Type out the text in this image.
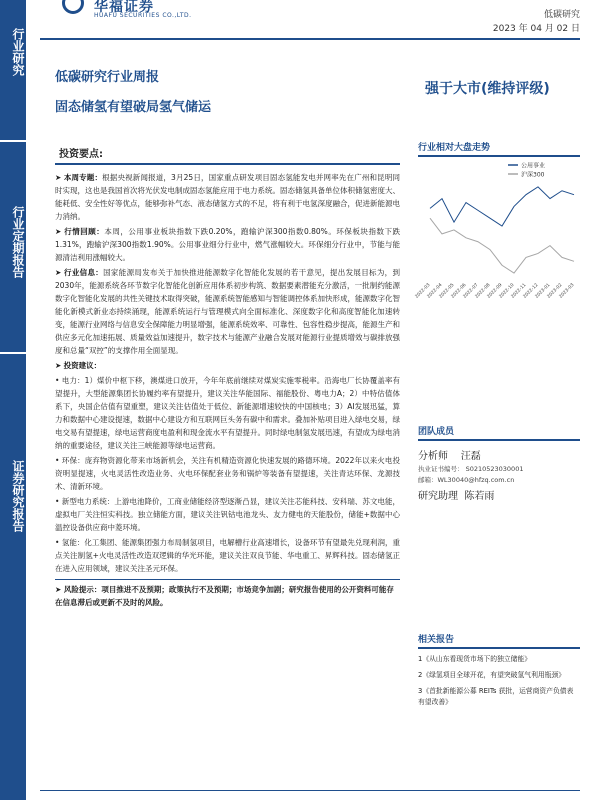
行业研究
行业定期报告
证券研究报告
华福证券
HUAFU SECURITIES CO.,LTD.	低碳研究
2023 年 04 月 02 日
低碳研究行业周报
固态储氢有望破局氢气储运
强于大市(维持评级)
投资要点:

➤ 本周专题：根据央视新闻报道，3月25日，国家重点研发项目固态氢能发电并网率先在广州和昆明同时实现，这也是我国首次将光伏发电制成固态氢能应用于电力系统。固态储氢具备单位体积储氢密度大、能耗低、安全性好等优点，能够弥补气态、液态储氢方式的不足，将有利于电氢深度融合，促进新能源电力消纳。

➤ 行情回顾：本周，公用事业板块指数下跌0.20%，跑输沪深300指数0.80%。环保板块指数下跌1.31%，跑输沪深300指数1.90%。公用事业细分行业中，燃气涨幅较大。环保细分行业中，节能与能源清洁利用涨幅较大。

➤ 行业信息：国家能源局发布关于加快推进能源数字化智能化发展的若干意见，提出发展目标为，到2030年，能源系统各环节数字化智能化创新应用体系初步构筑、数据要素潜能充分激活，一批制约能源数字化智能化发展的共性关键技术取得突破，能源系统智能感知与智能调控体系加快形成，能源数字化智能化新模式新业态持续涌现，能源系统运行与管理模式向全面标准化、深度数字化和高度智能化加速转变，能源行业网络与信息安全保障能力明显增强，能源系统效率、可靠性、包容性稳步提高，能源生产和供应多元化加速拓展、质量效益加速提升，数字技术与能源产业融合发展对能源行业提质增效与碳排放强度和总量“双控”的支撑作用全面显现。

➤ 投资建议：

• 电力：1）煤价中枢下移，澳煤进口放开，今年年底前继续对煤炭实施零税率。沿海电厂长协覆盖率有望提升，大型能源集团长协履约率有望提升，建议关注华能国际、福能股份、粤电力A；2）中特估值体系下，央国企估值有望重塑，建议关注估值处于低位、新能源增速较快的中国核电；3）AI发展迅猛，算力和数据中心建设提速，数据中心建设方和互联网巨头务有碳中和需求。叠加补贴项目进入绿电交易，绿电交易有望提速，绿电运营商度电盈利和现金流水平有望提升。同时绿电制氢发展迅速，有望成为绿电消纳的重要途径，建议关注三峡能源等绿电运营商。

• 环保：庞弃物资源化带来市场新机会，关注有机精造资源化快速发展的路德环境。2022年以来火电投资明显提速，火电灵活性改造业务、火电环保配套业务和锅炉等装备有望提速，关注青达环保、龙源技术、清新环境。

• 新型电力系统：上游电池降价，工商业储能经济型逐渐凸显，建议关注芯能科技、安科瑞、苏文电能，虚拟电厂关注恒实科技。独立储能方面，建议关注钒钴电池龙头、友力健电的天能股份，储能+数据中心温控设备供应商中菱环境。

• 氢能：化工集团、能源集团强力布局制氢项目，电解槽行业高速增长，设备环节有望最先兑现利润，重点关注制氢+火电灵活性改造双逻辑的华光环能，建议关注双良节能、华电重工、昇辉科技。固态储氢正在进入应用领域，建议关注圣元环保。

➤ 风险提示：项目推进不及预期；政策执行不及预期；市场竞争加剧；研究报告使用的公开资料可能存在信息滞后或更新不及时的风险。

行业相对大盘走势
公用事业
沪深300
2022-03
2022-04
2022-05
2022-06
2022-07
2022-08
2022-09
2022-10
2022-11
2022-12
2023-01
2023-02
2023-03
团队成员
分析师 汪磊
执业证书编号： S0210523030001
邮箱：WL30040@hfzq.com.cn
研究助理 陈若雨
相关报告
1《从山东看现货市场下的独立储能》
2《绿氢项目全球开花，有望突破氢气利用瓶颈》
3《首批新能源公募 REITs 获批，运营商资产负债表有望改善》
